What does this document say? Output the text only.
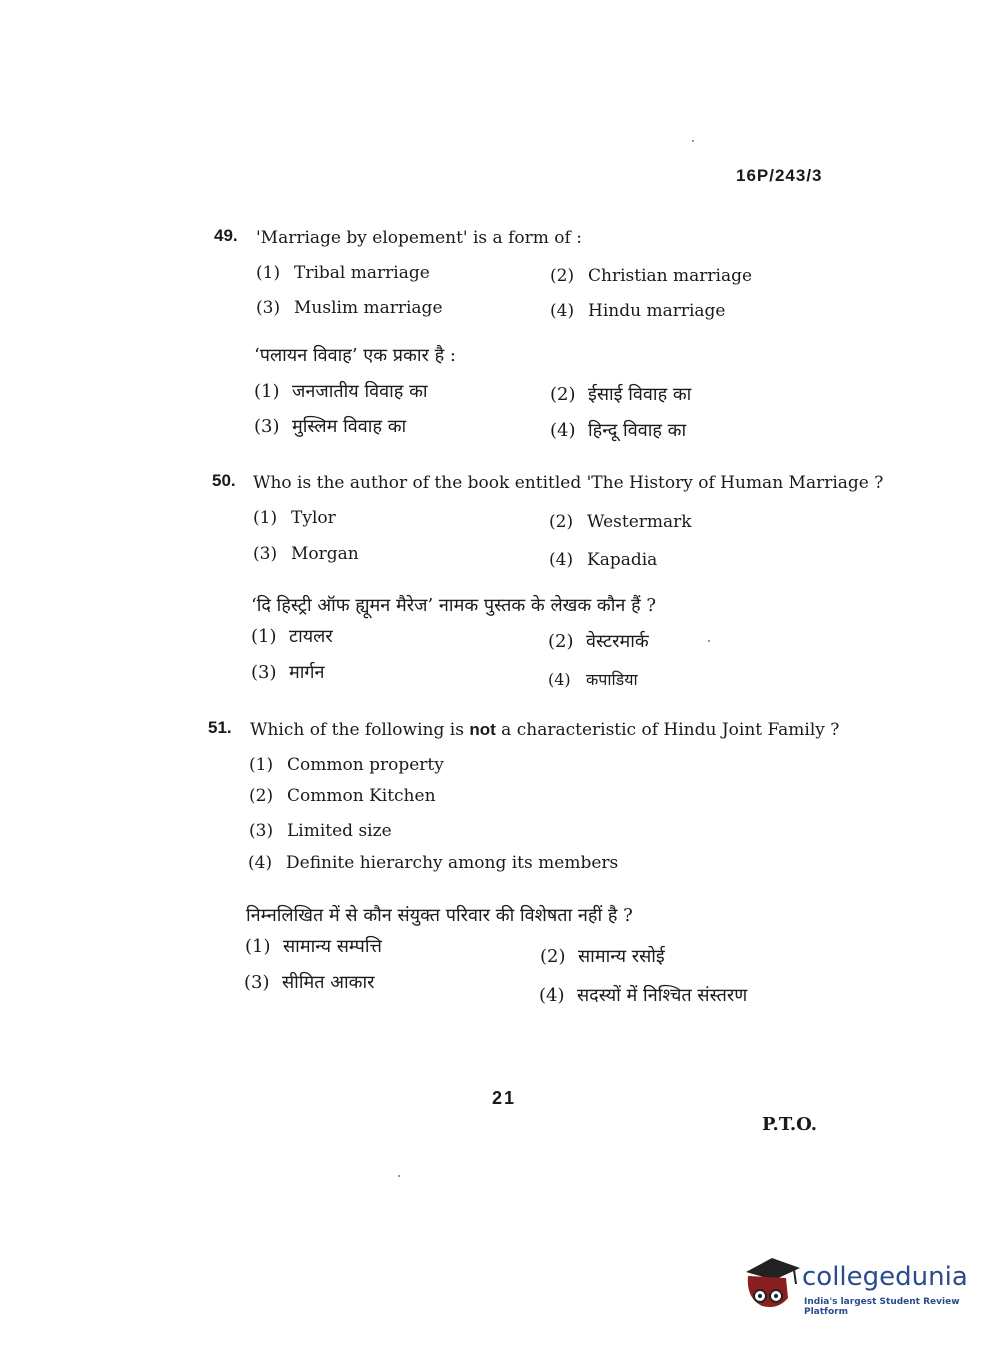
16P/243/3
49. 'Marriage by elopement' is a form of :
(1) Tribal marriage	(2) Christian marriage
(3) Muslim marriage	(4) Hindu marriage
‘पलायन विवाह’ एक प्रकार है :
(1) जनजातीय विवाह का	(2) ईसाई विवाह का
(3) मुस्लिम विवाह का	(4) हिन्दू विवाह का
50. Who is the author of the book entitled 'The History of Human Marriage ?
(1) Tylor	(2) Westermark
(3) Morgan	(4) Kapadia
‘दि हिस्ट्री ऑफ ह्यूमन मैरेज’ नामक पुस्तक के लेखक कौन हैं ?
(1) टायलर	(2) वेस्टरमार्क
(3) मार्गन	(4) कपाडिया
51. Which of the following is not a characteristic of Hindu Joint Family ?
(1) Common property
(2) Common Kitchen
(3) Limited size
(4) Definite hierarchy among its members
निम्नलिखित में से कौन संयुक्त परिवार की विशेषता नहीं है ?
(1) सामान्य सम्पत्ति	(2) सामान्य रसोई
(3) सीमित आकार
(4) सदस्यों में निश्चित संस्तरण
21
P.T.O.
collegedunia
India's largest Student Review Platform
